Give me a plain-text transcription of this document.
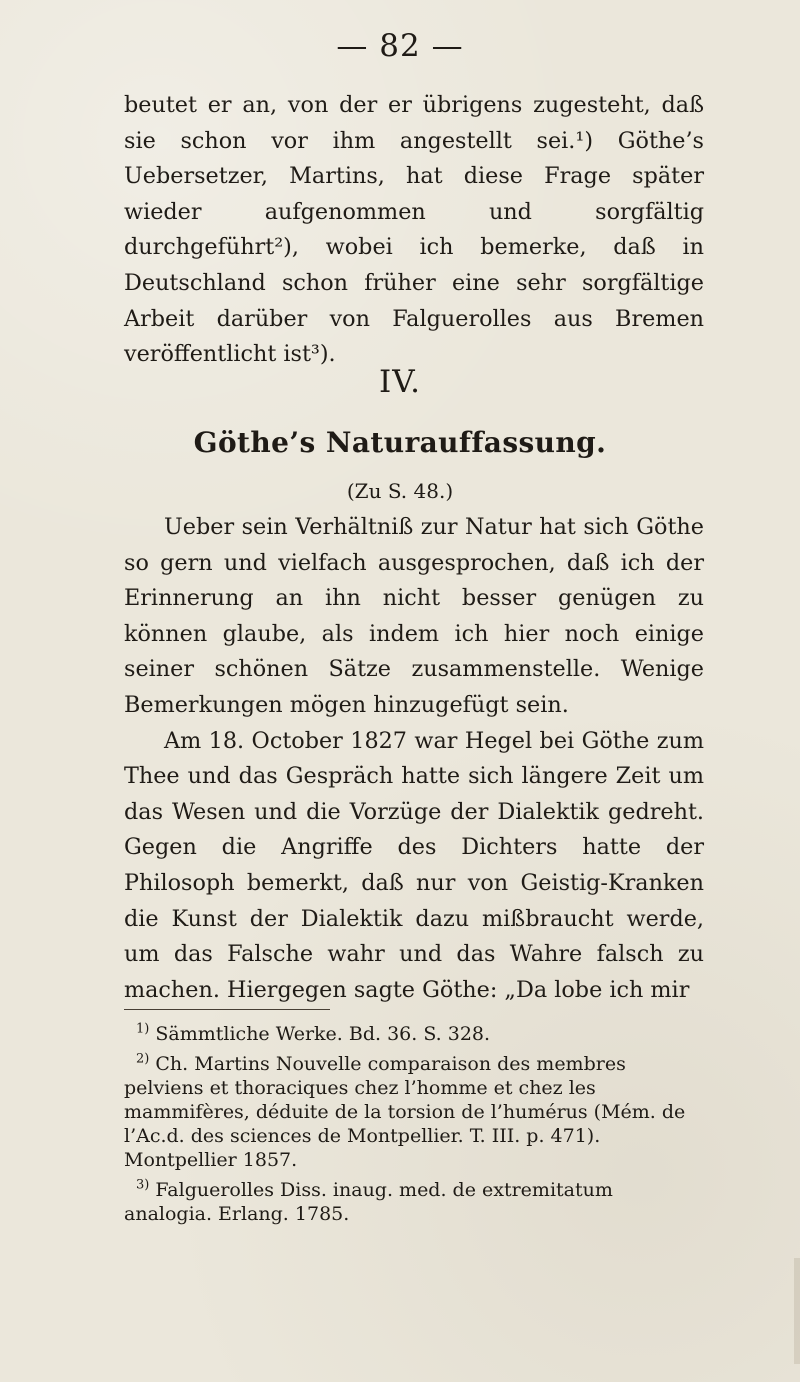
— 82 —

beutet er an, von der er übrigens zugesteht, daß sie schon vor ihm angestellt sei.¹) Göthe’s Uebersetzer, Martins, hat diese Frage später wieder aufgenommen und sorgfältig durchgeführt²), wobei ich bemerke, daß in Deutschland schon früher eine sehr sorgfältige Arbeit darüber von Falguerolles aus Bremen veröffentlicht ist³).

IV.
Göthe’s Naturauffassung.
(Zu S. 48.)

Ueber sein Verhältniß zur Natur hat sich Göthe so gern und vielfach ausgesprochen, daß ich der Erinnerung an ihn nicht besser genügen zu können glaube, als indem ich hier noch einige seiner schönen Sätze zusammenstelle. Wenige Bemerkungen mögen hinzugefügt sein.

Am 18. October 1827 war Hegel bei Göthe zum Thee und das Gespräch hatte sich längere Zeit um das Wesen und die Vorzüge der Dialektik gedreht. Gegen die Angriffe des Dichters hatte der Philosoph bemerkt, daß nur von Geistig-Kranken die Kunst der Dialektik dazu mißbraucht werde, um das Falsche wahr und das Wahre falsch zu machen. Hiergegen sagte Göthe: „Da lobe ich mir

$^{1)}$ Sämmtliche Werke. Bd. 36. S. 328.

$^{2)}$ Ch. Martins Nouvelle comparaison des membres pelviens et thoraciques chez l’homme et chez les mammifères, déduite de la torsion de l’humérus (Mém. de l’Ac.d. des sciences de Montpellier. T. III. p. 471). Montpellier 1857.

$^{3)}$ Falguerolles Diss. inaug. med. de extremitatum analogia. Erlang. 1785.
